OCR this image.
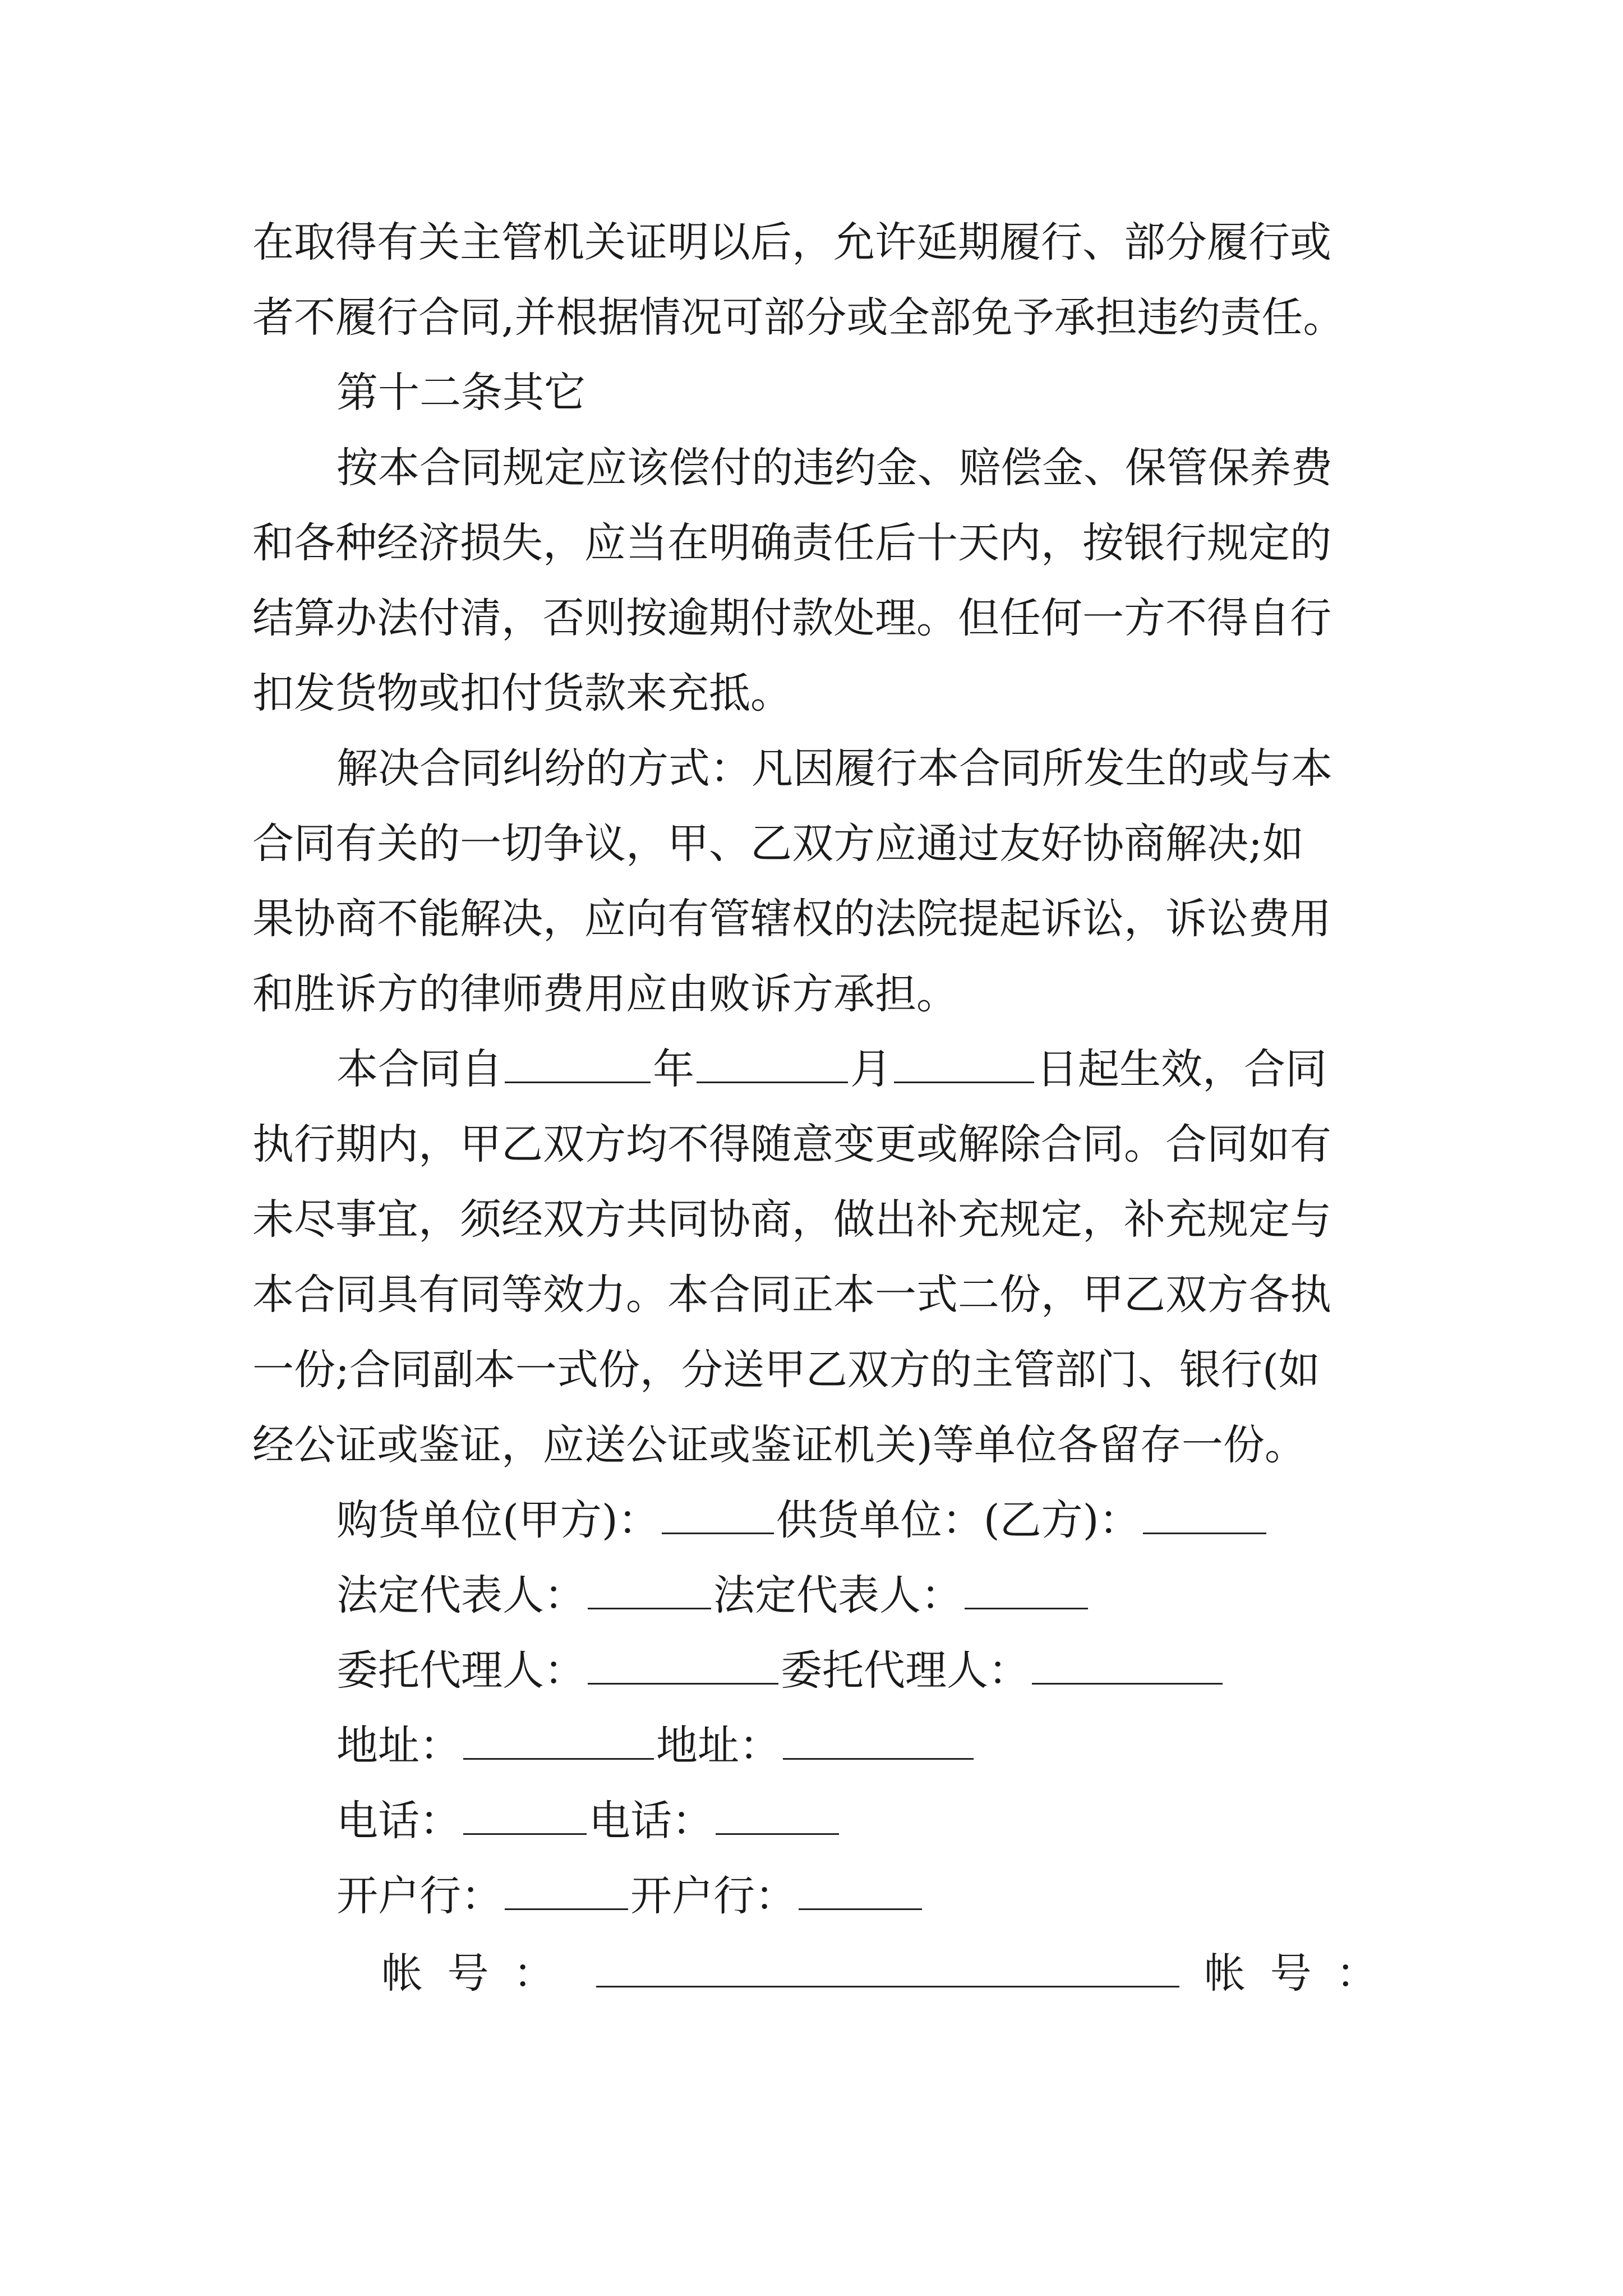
在取得有关主管机关证明以后，允许延期履行、部分履行或
者不履行合同,并根据情况可部分或全部免予承担违约责任。
第十二条其它
按本合同规定应该偿付的违约金、赔偿金、保管保养费
和各种经济损失，应当在明确责任后十天内，按银行规定的
结算办法付清，否则按逾期付款处理。但任何一方不得自行
扣发货物或扣付货款来充抵。
解决合同纠纷的方式：凡因履行本合同所发生的或与本
合同有关的一切争议，甲、乙双方应通过友好协商解决;如
果协商不能解决，应向有管辖权的法院提起诉讼，诉讼费用
和胜诉方的律师费用应由败诉方承担。
本合同自	年	月	日起生效，合同
执行期内，甲乙双方均不得随意变更或解除合同。合同如有
未尽事宜，须经双方共同协商，做出补充规定，补充规定与
本合同具有同等效力。本合同正本一式二份，甲乙双方各执
一份;合同副本一式份，分送甲乙双方的主管部门、银行(如
经公证或鉴证，应送公证或鉴证机关)等单位各留存一份。
购货单位(甲方)：	供货单位：(乙方)：
法定代表人：	法定代表人：
委托代理人：	委托代理人：
地址：	地址：
电话：	电话：
开户行：	开户行：
帐 号 ：	帐 号 ：
